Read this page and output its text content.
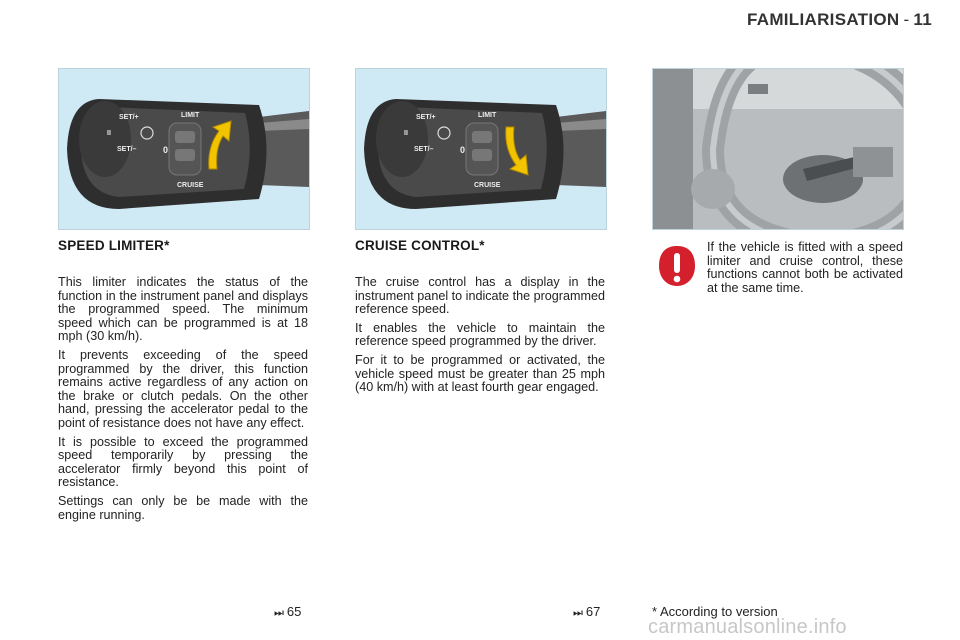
FAMILIARISATION - 11
SET/+
SET/–
II
0
LIMIT
CRUISE
SET/+
SET/–
II
0
LIMIT
CRUISE
SPEED LIMITER*	CRUISE CONTROL*

This limiter indicates the status of the function in the instrument panel and displays the programmed speed. The minimum speed which can be programmed is at 18 mph (30 km/h).

It prevents exceeding of the speed programmed by the driver, this function remains active regardless of any action on the brake or clutch pedals. On the other hand, pressing the accelerator pedal to the point of resistance does not have any effect.

It is possible to exceed the programmed speed temporarily by pressing the accelerator firmly beyond this point of resistance.

Settings can only be be made with the engine running.

The cruise control has a display in the instrument panel to indicate the programmed reference speed.

It enables the vehicle to maintain the reference speed programmed by the driver.

For it to be programmed or activated, the vehicle speed must be greater than 25 mph (40 km/h) with at least fourth gear engaged.

If the vehicle is fitted with a speed limiter and cruise control, these functions cannot both be activated at the same time.
⏭ 65	⏭ 67	* According to version
carmanualsonline.info
